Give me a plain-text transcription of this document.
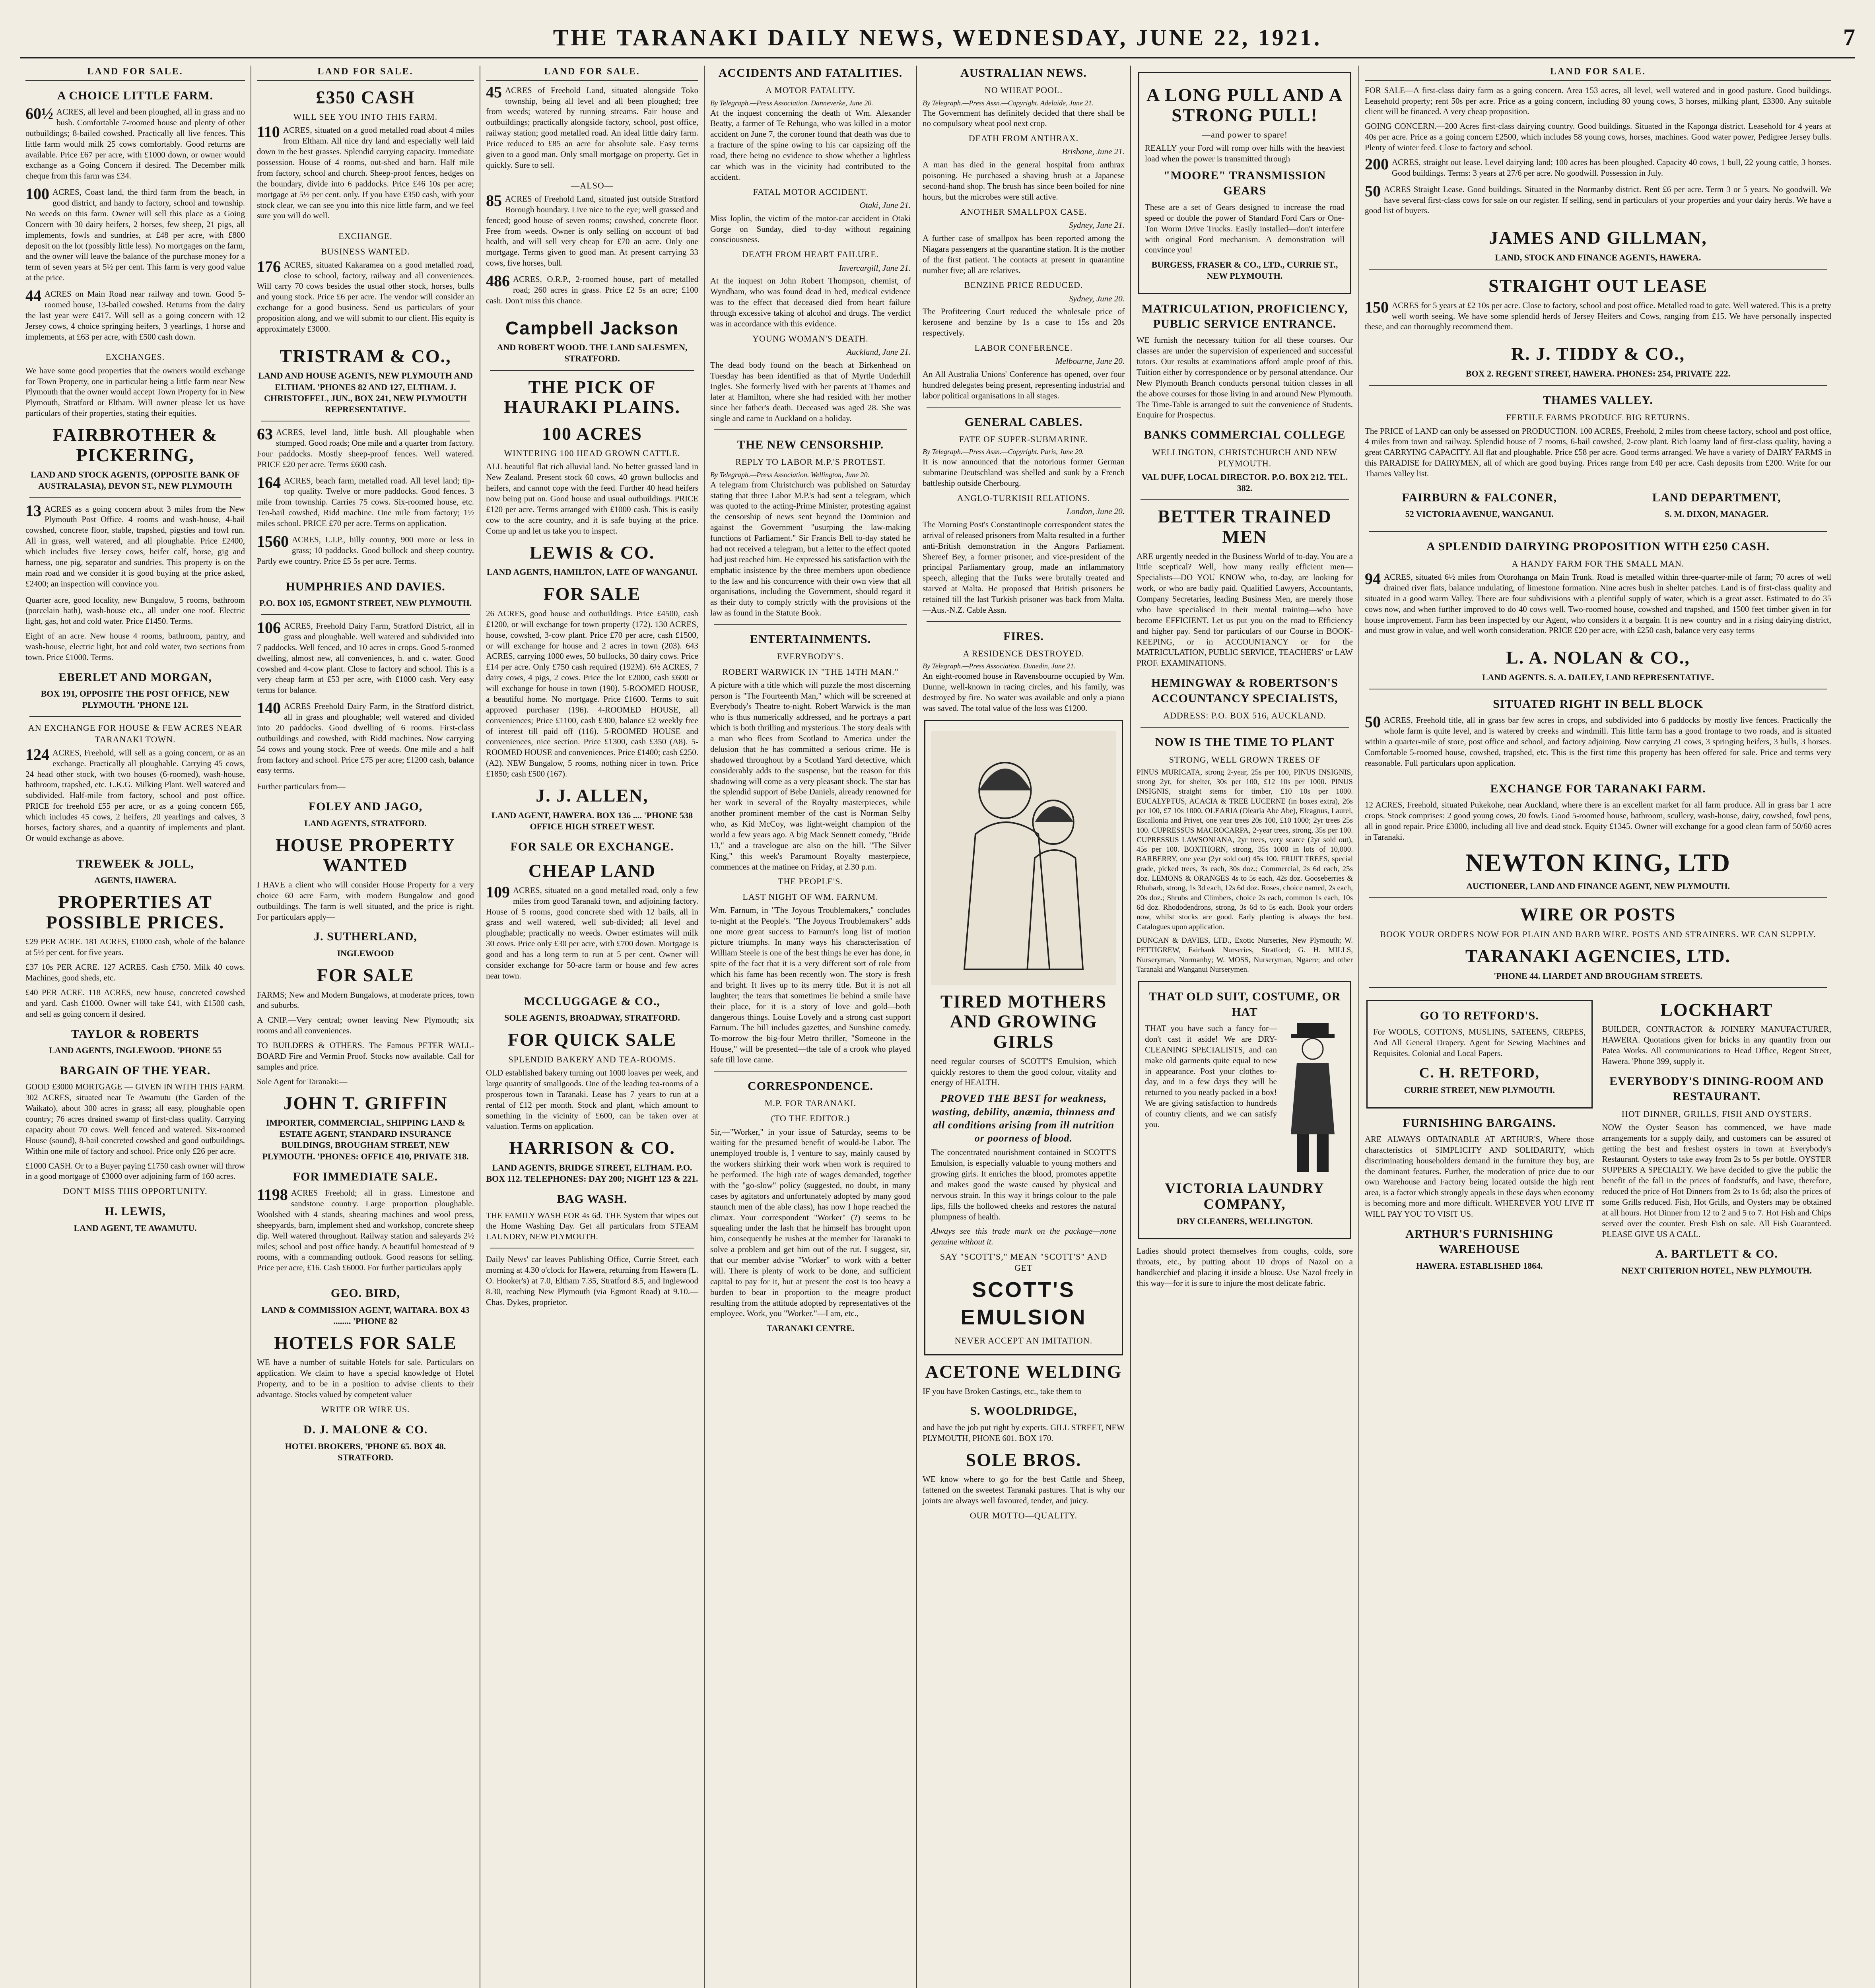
THE TARANAKI DAILY NEWS, WEDNESDAY, JUNE 22, 1921.	7
LAND FOR SALE.
A CHOICE LITTLE FARM.
60½ ACRES, all level and been ploughed, all in grass and no bush. Comfortable 7-roomed house and plenty of other outbuildings; 8-bailed cowshed. Practically all live fences. This little farm would milk 25 cows comfortably. Good returns are available. Price £67 per acre, with £1000 down, or owner would exchange as a Going Concern if desired. The December milk cheque from this farm was £34.

100 ACRES, Coast land, the third farm from the beach, in good district, and handy to factory, school and township. No weeds on this farm. Owner will sell this place as a Going Concern with 30 dairy heifers, 2 horses, few sheep, 21 pigs, all implements, fowls and sundries, at £48 per acre, with £800 deposit on the lot (possibly little less). No mortgages on the farm, and the owner will leave the balance of the purchase money for a term of seven years at 5½ per cent. This farm is very good value at the price.

44 ACRES on Main Road near railway and town. Good 5-roomed house, 13-bailed cowshed. Returns from the dairy the last year were £417. Will sell as a going concern with 12 Jersey cows, 4 choice springing heifers, 3 yearlings, 1 horse and implements, at £63 per acre, with £500 cash down.

EXCHANGES.

We have some good properties that the owners would exchange for Town Property, one in particular being a little farm near New Plymouth that the owner would accept Town Property for in New Plymouth, Stratford or Eltham. Will owner please let us have particulars of their properties, stating their equities.

FAIRBROTHER & PICKERING,
LAND AND STOCK AGENTS, (OPPOSITE BANK OF AUSTRALASIA), DEVON ST., NEW PLYMOUTH
13 ACRES as a going concern about 3 miles from the New Plymouth Post Office. 4 rooms and wash-house, 4-bail cowshed, concrete floor, stable, trapshed, pigsties and fowl run. All in grass, well watered, and all ploughable. Price £2400, which includes five Jersey cows, heifer calf, horse, gig and harness, one pig, separator and sundries. This property is on the main road and we consider it is good buying at the price asked, £2400; an inspection will convince you.

Quarter acre, good locality, new Bungalow, 5 rooms, bathroom (porcelain bath), wash-house etc., all under one roof. Electric light, gas, hot and cold water. Price £1450. Terms.

Eight of an acre. New house 4 rooms, bathroom, pantry, and wash-house, electric light, hot and cold water, two sections from town. Price £1000. Terms.

EBERLET AND MORGAN,
BOX 191, OPPOSITE THE POST OFFICE, NEW PLYMOUTH. 'PHONE 121.
AN EXCHANGE FOR HOUSE & FEW ACRES NEAR TARANAKI TOWN.
124 ACRES, Freehold, will sell as a going concern, or as an exchange. Practically all ploughable. Carrying 45 cows, 24 head other stock, with two houses (6-roomed), wash-house, bathroom, trapshed, etc. L.K.G. Milking Plant. Well watered and subdivided. Half-mile from factory, school and post office. PRICE for freehold £55 per acre, or as a going concern £65, which includes 45 cows, 2 heifers, 20 yearlings and calves, 3 horses, factory shares, and a quantity of implements and plant. Or would exchange as above.

TREWEEK & JOLL,
AGENTS, HAWERA.
PROPERTIES AT POSSIBLE PRICES.

£29 PER ACRE. 181 ACRES, £1000 cash, whole of the balance at 5½ per cent. for five years.

£37 10s PER ACRE. 127 ACRES. Cash £750. Milk 40 cows. Machines, good sheds, etc.

£40 PER ACRE. 118 ACRES, new house, concreted cowshed and yard. Cash £1000. Owner will take £41, with £1500 cash, and sell as going concern if desired.

TAYLOR & ROBERTS
LAND AGENTS, INGLEWOOD. 'PHONE 55
BARGAIN OF THE YEAR.

GOOD £3000 MORTGAGE — GIVEN IN WITH THIS FARM. 302 ACRES, situated near Te Awamutu (the Garden of the Waikato), about 300 acres in grass; all easy, ploughable open country; 76 acres drained swamp of first-class quality. Carrying capacity about 70 cows. Well fenced and watered. Six-roomed House (sound), 8-bail concreted cowshed and good outbuildings. Within one mile of factory and school. Price only £26 per acre.

£1000 CASH. Or to a Buyer paying £1750 cash owner will throw in a good mortgage of £3000 over adjoining farm of 160 acres.

DON'T MISS THIS OPPORTUNITY.
H. LEWIS,
LAND AGENT, TE AWAMUTU.
LAND FOR SALE.
£350 CASH
WILL SEE YOU INTO THIS FARM.
110 ACRES, situated on a good metalled road about 4 miles from Eltham. All nice dry land and especially well laid down in the best grasses. Splendid carrying capacity. Immediate possession. House of 4 rooms, out-shed and barn. Half mile from factory, school and church. Sheep-proof fences, hedges on the boundary, divide into 6 paddocks. Price £46 10s per acre; mortgage at 5½ per cent. only. If you have £350 cash, with your stock clear, we can see you into this nice little farm, and we feel sure you will do well.

EXCHANGE.
BUSINESS WANTED.
176 ACRES, situated Kakaramea on a good metalled road, close to school, factory, railway and all conveniences. Will carry 70 cows besides the usual other stock, horses, bulls and young stock. Price £6 per acre. The vendor will consider an exchange for a good business. Send us particulars of your proposition along, and we will submit to our client. His equity is approximately £3000.

TRISTRAM & CO.,
LAND AND HOUSE AGENTS, NEW PLYMOUTH AND ELTHAM. 'PHONES 82 AND 127, ELTHAM. J. CHRISTOFFEL, JUN., BOX 241, NEW PLYMOUTH REPRESENTATIVE.
63 ACRES, level land, little bush. All ploughable when stumped. Good roads; One mile and a quarter from factory. Four paddocks. Mostly sheep-proof fences. Well watered. PRICE £20 per acre. Terms £600 cash.

164 ACRES, beach farm, metalled road. All level land; tip-top quality. Twelve or more paddocks. Good fences. 3 mile from township. Carries 75 cows. Six-roomed house, etc. Ten-bail cowshed, Ridd machine. One mile from factory; 1½ miles school. PRICE £70 per acre. Terms on application.

1560 ACRES, L.I.P., hilly country, 900 more or less in grass; 10 paddocks. Good bullock and sheep country. Partly ewe country. Price £5 5s per acre. Terms.

HUMPHRIES AND DAVIES.
P.O. BOX 105, EGMONT STREET, NEW PLYMOUTH.
106 ACRES, Freehold Dairy Farm, Stratford District, all in grass and ploughable. Well watered and subdivided into 7 paddocks. Well fenced, and 10 acres in crops. Good 5-roomed dwelling, almost new, all conveniences, h. and c. water. Good cowshed and 4-cow plant. Close to factory and school. This is a very cheap farm at £53 per acre, with £1000 cash. Very easy terms for balance.

140 ACRES Freehold Dairy Farm, in the Stratford district, all in grass and ploughable; well watered and divided into 20 paddocks. Good dwelling of 6 rooms. First-class outbuildings and cowshed, with Ridd machines. Now carrying 54 cows and young stock. Free of weeds. One mile and a half from factory and school. Price £75 per acre; £1200 cash, balance easy terms.

Further particulars from—

FOLEY AND JAGO,
LAND AGENTS, STRATFORD.
HOUSE PROPERTY WANTED

I HAVE a client who will consider House Property for a very choice 60 acre Farm, with modern Bungalow and good outbuildings. The farm is well situated, and the price is right. For particulars apply—

J. SUTHERLAND,
INGLEWOOD
FOR SALE

FARMS; New and Modern Bungalows, at moderate prices, town and suburbs.

A CNIP.—Very central; owner leaving New Plymouth; six rooms and all conveniences.

TO BUILDERS & OTHERS. The Famous PETER WALL-BOARD Fire and Vermin Proof. Stocks now available. Call for samples and price.

Sole Agent for Taranaki:—

JOHN T. GRIFFIN
IMPORTER, COMMERCIAL, SHIPPING LAND & ESTATE AGENT, STANDARD INSURANCE BUILDINGS, BROUGHAM STREET, NEW PLYMOUTH. 'PHONES: OFFICE 410, PRIVATE 318.
FOR IMMEDIATE SALE.
1198 ACRES Freehold; all in grass. Limestone and sandstone country. Large proportion ploughable. Woolshed with 4 stands, shearing machines and wool press, sheepyards, barn, implement shed and workshop, concrete sheep dip. Well watered throughout. Railway station and saleyards 2½ miles; school and post office handy. A beautiful homestead of 9 rooms, with a commanding outlook. Good reasons for selling. Price per acre, £16. Cash £6000. For further particulars apply

GEO. BIRD,
LAND & COMMISSION AGENT, WAITARA. BOX 43 ........ 'PHONE 82
HOTELS FOR SALE

WE have a number of suitable Hotels for sale. Particulars on application. We claim to have a special knowledge of Hotel Property, and to be in a position to advise clients to their advantage. Stocks valued by competent valuer

WRITE OR WIRE US.
D. J. MALONE & CO.
HOTEL BROKERS, 'PHONE 65. BOX 48. STRATFORD.
LAND FOR SALE.
45 ACRES of Freehold Land, situated alongside Toko township, being all level and all been ploughed; free from weeds; watered by running streams. Fair house and outbuildings; practically alongside factory, school, post office, railway station; good metalled road. An ideal little dairy farm. Price reduced to £85 an acre for absolute sale. Easy terms given to a good man. Only small mortgage on property. Get in quickly. Sure to sell.

—ALSO—
85 ACRES of Freehold Land, situated just outside Stratford Borough boundary. Live nice to the eye; well grassed and fenced; good house of seven rooms; cowshed, concrete floor. Free from weeds. Owner is only selling on account of bad health, and will sell very cheap for £70 an acre. Only one mortgage. Terms given to good man. At present carrying 33 cows, five horses, bull.

486 ACRES, O.R.P., 2-roomed house, part of metalled road; 260 acres in grass. Price £2 5s an acre; £100 cash. Don't miss this chance.

Campbell Jackson
AND ROBERT WOOD. THE LAND SALESMEN, STRATFORD.
THE PICK OF HAURAKI PLAINS.
100 ACRES
WINTERING 100 HEAD GROWN CATTLE.

ALL beautiful flat rich alluvial land. No better grassed land in New Zealand. Present stock 60 cows, 40 grown bullocks and heifers, and cannot cope with the feed. Further 40 head heifers now being put on. Good house and usual outbuildings. PRICE £120 per acre. Terms arranged with £1000 cash. This is easily cow to the acre country, and it is safe buying at the price. Come up and let us take you to inspect.

LEWIS & CO.
LAND AGENTS, HAMILTON, LATE OF WANGANUI.
FOR SALE

26 ACRES, good house and outbuildings. Price £4500, cash £1200, or will exchange for town property (172). 130 ACRES, house, cowshed, 3-cow plant. Price £70 per acre, cash £1500, or will exchange for house and 2 acres in town (203). 643 ACRES, carrying 1000 ewes, 50 bullocks, 30 dairy cows. Price £14 per acre. Only £750 cash required (192M). 6½ ACRES, 7 dairy cows, 4 pigs, 2 cows. Price the lot £2000, cash £600 or will exchange for house in town (190). 5-ROOMED HOUSE, a beautiful home. No mortgage. Price £1600. Terms to suit approved purchaser (196). 4-ROOMED HOUSE, all conveniences; Price £1100, cash £300, balance £2 weekly free of interest till paid off (116). 5-ROOMED HOUSE and conveniences, nice section. Price £1300, cash £350 (A8). 5-ROOMED HOUSE and conveniences. Price £1400; cash £250. (A2). NEW Bungalow, 5 rooms, nothing nicer in town. Price £1850; cash £500 (167).

J. J. ALLEN,
LAND AGENT, HAWERA. BOX 136 .... 'PHONE 538 OFFICE HIGH STREET WEST.
FOR SALE OR EXCHANGE.
CHEAP LAND
109 ACRES, situated on a good metalled road, only a few miles from good Taranaki town, and adjoining factory. House of 5 rooms, good concrete shed with 12 bails, all in grass and well watered, well sub-divided; all level and ploughable; practically no weeds. Owner estimates will milk 30 cows. Price only £30 per acre, with £700 down. Mortgage is good and has a long term to run at 5 per cent. Owner will consider exchange for 50-acre farm or house and few acres near town.

MCCLUGGAGE & CO.,
SOLE AGENTS, BROADWAY, STRATFORD.
FOR QUICK SALE
SPLENDID BAKERY AND TEA-ROOMS.

OLD established bakery turning out 1000 loaves per week, and large quantity of smallgoods. One of the leading tea-rooms of a prosperous town in Taranaki. Lease has 7 years to run at a rental of £12 per month. Stock and plant, which amount to something in the vicinity of £600, can be taken over at valuation. Terms on application.

HARRISON & CO.
LAND AGENTS, BRIDGE STREET, ELTHAM. P.O. BOX 112. TELEPHONES: DAY 200; NIGHT 123 & 221.
BAG WASH.

THE FAMILY WASH FOR 4s 6d. THE System that wipes out the Home Washing Day. Get all particulars from STEAM LAUNDRY, NEW PLYMOUTH.

Daily News' car leaves Publishing Office, Currie Street, each morning at 4.30 o'clock for Hawera, returning from Hawera (L. O. Hooker's) at 7.0, Eltham 7.35, Stratford 8.5, and Inglewood 8.30, reaching New Plymouth (via Egmont Road) at 9.10.—Chas. Dykes, proprietor.

ACCIDENTS AND FATALITIES.
A MOTOR FATALITY.
By Telegraph.—Press Association. Danneverke, June 20.

At the inquest concerning the death of Wm. Alexander Beatty, a farmer of Te Rehunga, who was killed in a motor accident on June 7, the coroner found that death was due to a fracture of the spine owing to his car capsizing off the road, there being no evidence to show whether a lightless car which was in the vicinity had contributed to the accident.

FATAL MOTOR ACCIDENT.
Otaki, June 21.

Miss Joplin, the victim of the motor-car accident in Otaki Gorge on Sunday, died to-day without regaining consciousness.

DEATH FROM HEART FAILURE.
Invercargill, June 21.

At the inquest on John Robert Thompson, chemist, of Wyndham, who was found dead in bed, medical evidence was to the effect that deceased died from heart failure through excessive taking of alcohol and drugs. The verdict was in accordance with this evidence.

YOUNG WOMAN'S DEATH.
Auckland, June 21.

The dead body found on the beach at Birkenhead on Tuesday has been identified as that of Myrtle Underhill Ingles. She formerly lived with her parents at Thames and later at Hamilton, where she had resided with her mother since her father's death. Deceased was aged 28. She was single and came to Auckland on a holiday.

THE NEW CENSORSHIP.
REPLY TO LABOR M.P.'S PROTEST.
By Telegraph.—Press Association. Wellington, June 20.

A telegram from Christchurch was published on Saturday stating that three Labor M.P.'s had sent a telegram, which was quoted to the acting-Prime Minister, protesting against the censorship of news sent beyond the Dominion and against the Government "usurping the law-making functions of Parliament." Sir Francis Bell to-day stated he had not received a telegram, but a letter to the effect quoted had just reached him. He expressed his satisfaction with the emphatic insistence by the three members upon obedience to the law and his concurrence with their own view that all organisations, including the Government, should regard it as their duty to comply strictly with the provisions of the law as found in the Statute Book.

ENTERTAINMENTS.
EVERYBODY'S.
ROBERT WARWICK IN "THE 14TH MAN."

A picture with a title which will puzzle the most discerning person is "The Fourteenth Man," which will be screened at Everybody's Theatre to-night. Robert Warwick is the man who is thus numerically addressed, and he portrays a part which is both thrilling and mysterious. The story deals with a man who flees from Scotland to America under the delusion that he has committed a serious crime. He is shadowed throughout by a Scotland Yard detective, which considerably adds to the suspense, but the reason for this shadowing will come as a very pleasant shock. The star has the splendid support of Bebe Daniels, already renowned for her work in several of the Royalty masterpieces, while another prominent member of the cast is Norman Selby who, as Kid McCoy, was light-weight champion of the world a few years ago. A big Mack Sennett comedy, "Bride 13," and a travelogue are also on the bill. "The Silver King," this week's Paramount Royalty masterpiece, commences at the matinee on Friday, at 2.30 p.m.

THE PEOPLE'S.
LAST NIGHT OF WM. FARNUM.

Wm. Farnum, in "The Joyous Troublemakers," concludes to-night at the People's. "The Joyous Troublemakers" adds one more great success to Farnum's long list of motion picture triumphs. In many ways his characterisation of William Steele is one of the best things he ever has done, in spite of the fact that it is a very different sort of role from which his fame has been recently won. The story is fresh and bright. It lives up to its merry title. But it is not all laughter; the tears that sometimes lie behind a smile have their place, for it is a story of love and gold—both dangerous things. Louise Lovely and a strong cast support Farnum. The bill includes gazettes, and Sunshine comedy. To-morrow the big-four Metro thriller, "Someone in the House," will be presented—the tale of a crook who played safe till love came.

CORRESPONDENCE.
M.P. FOR TARANAKI.
(TO THE EDITOR.)

Sir,—"Worker," in your issue of Saturday, seems to be waiting for the presumed benefit of would-be Labor. The unemployed trouble is, I venture to say, mainly caused by the workers shirking their work when work is required to be performed. The high rate of wages demanded, together with the "go-slow" policy (suggested, no doubt, in many cases by agitators and unfortunately adopted by many good staunch men of the able class), has now I hope reached the climax. Your correspondent "Worker" (?) seems to be squealing under the lash that he himself has brought upon him, consequently he rushes at the member for Taranaki to solve a problem and get him out of the rut. I suggest, sir, that our member advise "Worker" to work with a better will. There is plenty of work to be done, and sufficient capital to pay for it, but at present the cost is too heavy a burden to bear in proportion to the meagre product resulting from the attitude adopted by representatives of the employee. Work, you "Worker."—I am, etc.,

TARANAKI CENTRE.
AUSTRALIAN NEWS.
NO WHEAT POOL.
By Telegraph.—Press Assn.—Copyright. Adelaide, June 21.

The Government has definitely decided that there shall be no compulsory wheat pool next crop.

DEATH FROM ANTHRAX.
Brisbane, June 21.

A man has died in the general hospital from anthrax poisoning. He purchased a shaving brush at a Japanese second-hand shop. The brush has since been boiled for nine hours, but the microbes were still active.

ANOTHER SMALLPOX CASE.
Sydney, June 21.

A further case of smallpox has been reported among the Niagara passengers at the quarantine station. It is the mother of the first patient. The contacts at present in quarantine number five; all are relatives.

BENZINE PRICE REDUCED.
Sydney, June 20.

The Profiteering Court reduced the wholesale price of kerosene and benzine by 1s a case to 15s and 20s respectively.

LABOR CONFERENCE.
Melbourne, June 20.

An All Australia Unions' Conference has opened, over four hundred delegates being present, representing industrial and labor political organisations in all stages.

GENERAL CABLES.
FATE OF SUPER-SUBMARINE.
By Telegraph.—Press Assn.—Copyright. Paris, June 20.

It is now announced that the notorious former German submarine Deutschland was shelled and sunk by a French battleship outside Cherbourg.

ANGLO-TURKISH RELATIONS.
London, June 20.

The Morning Post's Constantinople correspondent states the arrival of released prisoners from Malta resulted in a further anti-British demonstration in the Angora Parliament. Shereef Bey, a former prisoner, and vice-president of the principal Parliamentary group, made an inflammatory speech, alleging that the Turks were brutally treated and starved at Malta. He proposed that British prisoners be retained till the last Turkish prisoner was back from Malta.—Aus.-N.Z. Cable Assn.

FIRES.
A RESIDENCE DESTROYED.
By Telegraph.—Press Association. Dunedin, June 21.

An eight-roomed house in Ravensbourne occupied by Wm. Dunne, well-known in racing circles, and his family, was destroyed by fire. No water was available and only a piano was saved. The total value of the loss was £1200.

TIRED MOTHERS AND GROWING GIRLS

need regular courses of SCOTT'S Emulsion, which quickly restores to them the good colour, vitality and energy of HEALTH.

PROVED THE BEST for weakness, wasting, debility, anæmia, thinness and all conditions arising from ill nutrition or poorness of blood.

The concentrated nourishment contained in SCOTT'S Emulsion, is especially valuable to young mothers and growing girls. It enriches the blood, promotes appetite and makes good the waste caused by physical and nervous strain. In this way it brings colour to the pale lips, fills the hollowed cheeks and restores the natural plumpness of health.

Always see this trade mark on the package—none genuine without it.

SAY "SCOTT'S," MEAN "SCOTT'S" AND GET
SCOTT'S EMULSION
NEVER ACCEPT AN IMITATION.
ACETONE WELDING

IF you have Broken Castings, etc., take them to

S. WOOLDRIDGE,

and have the job put right by experts. GILL STREET, NEW PLYMOUTH, PHONE 601. BOX 170.

SOLE BROS.

WE know where to go for the best Cattle and Sheep, fattened on the sweetest Taranaki pastures. That is why our joints are always well favoured, tender, and juicy.

OUR MOTTO—QUALITY.
A LONG PULL AND A STRONG PULL!
—and power to spare!

REALLY your Ford will romp over hills with the heaviest load when the power is transmitted through

"MOORE" TRANSMISSION GEARS

These are a set of Gears designed to increase the road speed or double the power of Standard Ford Cars or One-Ton Worm Drive Trucks. Easily installed—don't interfere with original Ford mechanism. A demonstration will convince you!

BURGESS, FRASER & CO., LTD., CURRIE ST., NEW PLYMOUTH.
MATRICULATION, PROFICIENCY, PUBLIC SERVICE ENTRANCE.

WE furnish the necessary tuition for all these courses. Our classes are under the supervision of experienced and successful tutors. Our results at examinations afford ample proof of this. Tuition either by correspondence or by personal attendance. Our New Plymouth Branch conducts personal tuition classes in all the above courses for those living in and around New Plymouth. The Time-Table is arranged to suit the convenience of Students. Enquire for Prospectus.

BANKS COMMERCIAL COLLEGE
WELLINGTON, CHRISTCHURCH AND NEW PLYMOUTH.
VAL DUFF, LOCAL DIRECTOR. P.O. BOX 212. TEL. 382.
BETTER TRAINED MEN

ARE urgently needed in the Business World of to-day. You are a little sceptical? Well, how many really efficient men—Specialists—DO YOU KNOW who, to-day, are looking for work, or who are badly paid. Qualified Lawyers, Accountants, Company Secretaries, leading Business Men, are merely those who have specialised in their mental training—who have become EFFICIENT. Let us put you on the road to Efficiency and higher pay. Send for particulars of our Course in BOOK-KEEPING, or in ACCOUNTANCY or for the MATRICULATION, PUBLIC SERVICE, TEACHERS' or LAW PROF. EXAMINATIONS.

HEMINGWAY & ROBERTSON'S ACCOUNTANCY SPECIALISTS,
ADDRESS: P.O. BOX 516, AUCKLAND.
NOW IS THE TIME TO PLANT
STRONG, WELL GROWN TREES OF

PINUS MURICATA, strong 2-year, 25s per 100, PINUS INSIGNIS, strong 2yr, for shelter, 30s per 100, £12 10s per 1000. PINUS INSIGNIS, straight stems for timber, £10 10s per 1000. EUCALYPTUS, ACACIA & TREE LUCERNE (in boxes extra), 26s per 100, £7 10s 1000. OLEARIA (Olearia Abe Abe), Eleagnus, Laurel, Escallonia and Privet, one year trees 20s 100, £10 1000; 2yr trees 25s 100. CUPRESSUS MACROCARPA, 2-year trees, strong, 35s per 100. CUPRESSUS LAWSONIANA, 2yr trees, very scarce (2yr sold out), 45s per 100. BOXTHORN, strong, 35s 1000 in lots of 10,000. BARBERRY, one year (2yr sold out) 45s 100. FRUIT TREES, special grade, picked trees, 3s each, 30s doz.; Commercial, 2s 6d each, 25s doz. LEMONS & ORANGES 4s to 5s each, 42s doz. Gooseberries & Rhubarb, strong, 1s 3d each, 12s 6d doz. Roses, choice named, 2s each, 20s doz.; Shrubs and Climbers, choice 2s each, common 1s each, 10s 6d doz. Rhododendrons, strong, 3s 6d to 5s each. Book your orders now, whilst stocks are good. Early planting is always the best. Catalogues upon application.

DUNCAN & DAVIES, LTD., Exotic Nurseries, New Plymouth; W. PETTIGREW, Fairbank Nurseries, Stratford; G. H. MILLS, Nurseryman, Normanby; W. MOSS, Nurseryman, Ngaere; and other Taranaki and Wanganui Nurserymen.

THAT OLD SUIT, COSTUME, OR HAT

THAT you have such a fancy for—don't cast it aside! We are DRY-CLEANING SPECIALISTS, and can make old garments quite equal to new in appearance. Post your clothes to-day, and in a few days they will be returned to you neatly packed in a box! We are giving satisfaction to hundreds of country clients, and we can satisfy you.

VICTORIA LAUNDRY COMPANY,
DRY CLEANERS, WELLINGTON.

Ladies should protect themselves from coughs, colds, sore throats, etc., by putting about 10 drops of Nazol on a handkerchief and placing it inside a blouse. Use Nazol freely in this way—for it is sure to injure the most delicate fabric.

LAND FOR SALE.

FOR SALE—A first-class dairy farm as a going concern. Area 153 acres, all level, well watered and in good pasture. Good buildings. Leasehold property; rent 50s per acre. Price as a going concern, including 80 young cows, 3 horses, milking plant, £3300. Any suitable client will be financed. A very cheap proposition.

GOING CONCERN.—200 Acres first-class dairying country. Good buildings. Situated in the Kaponga district. Leasehold for 4 years at 40s per acre. Price as a going concern £2500, which includes 58 young cows, horses, machines. Good water power, Pedigree Jersey bulls. Plenty of winter feed. Close to factory and school.

200 ACRES, straight out lease. Level dairying land; 100 acres has been ploughed. Capacity 40 cows, 1 bull, 22 young cattle, 3 horses. Good buildings. Terms: 3 years at 27/6 per acre. No goodwill. Possession in July.

50 ACRES Straight Lease. Good buildings. Situated in the Normanby district. Rent £6 per acre. Term 3 or 5 years. No goodwill. We have several first-class cows for sale on our register. If selling, send in particulars of your properties and your dairy herds. We have a good list of buyers.

JAMES AND GILLMAN,
LAND, STOCK AND FINANCE AGENTS, HAWERA.
STRAIGHT OUT LEASE
150 ACRES for 5 years at £2 10s per acre. Close to factory, school and post office. Metalled road to gate. Well watered. This is a pretty well worth seeing. We have some splendid herds of Jersey Heifers and Cows, ranging from £15. We have personally inspected these, and can thoroughly recommend them.

R. J. TIDDY & CO.,
BOX 2. REGENT STREET, HAWERA. PHONES: 254, PRIVATE 222.
THAMES VALLEY.
FERTILE FARMS PRODUCE BIG RETURNS.

The PRICE of LAND can only be assessed on PRODUCTION. 100 ACRES, Freehold, 2 miles from cheese factory, school and post office, 4 miles from town and railway. Splendid house of 7 rooms, 6-bail cowshed, 2-cow plant. Rich loamy land of first-class quality, having a great CARRYING CAPACITY. All flat and ploughable. Price £58 per acre. Good terms arranged. We have a variety of DAIRY FARMS in this PARADISE for DAIRYMEN, all of which are good buying. Prices range from £40 per acre. Cash deposits from £200. Write for our Thames Valley list.

FAIRBURN & FALCONER,
52 VICTORIA AVENUE, WANGANUI.
LAND DEPARTMENT,
S. M. DIXON, MANAGER.
A SPLENDID DAIRYING PROPOSITION WITH £250 CASH.
A HANDY FARM FOR THE SMALL MAN.
94 ACRES, situated 6½ miles from Otorohanga on Main Trunk. Road is metalled within three-quarter-mile of farm; 70 acres of well drained river flats, balance undulating, of limestone formation. Nine acres bush in shelter patches. Land is of first-class quality and situated in a good warm Valley. There are four subdivisions with a plentiful supply of water, which is a great asset. Estimated to do 35 cows now, and when further improved to do 40 cows well. Two-roomed house, cowshed and trapshed, and 1500 feet timber given in for house improvement. Farm has been inspected by our Agent, who considers it a bargain. It is new country and in a rising dairying district, and must grow in value, and well worth consideration. PRICE £20 per acre, with £250 cash, balance very easy terms

L. A. NOLAN & CO.,
LAND AGENTS. S. A. DAILEY, LAND REPRESENTATIVE.
SITUATED RIGHT IN BELL BLOCK
50 ACRES, Freehold title, all in grass bar few acres in crops, and subdivided into 6 paddocks by mostly live fences. Practically the whole farm is quite level, and is watered by creeks and windmill. This little farm has a good frontage to two roads, and is situated within a quarter-mile of store, post office and school, and factory adjoining. Now carrying 21 cows, 3 springing heifers, 3 bulls, 3 horses. Comfortable 5-roomed house, cowshed, trapshed, etc. This is the first time this property has been offered for sale. Price and terms very reasonable. Full particulars upon application.

EXCHANGE FOR TARANAKI FARM.

12 ACRES, Freehold, situated Pukekohe, near Auckland, where there is an excellent market for all farm produce. All in grass bar 1 acre crops. Stock comprises: 2 good young cows, 20 fowls. Good 5-roomed house, bathroom, scullery, wash-house, dairy, cowshed, fowl pens, all in good repair. Price £3000, including all live and dead stock. Equity £1345. Owner will exchange for a good clean farm of 50/60 acres in Taranaki.

NEWTON KING, LTD
AUCTIONEER, LAND AND FINANCE AGENT, NEW PLYMOUTH.
WIRE OR POSTS
BOOK YOUR ORDERS NOW FOR PLAIN AND BARB WIRE. POSTS AND STRAINERS. WE CAN SUPPLY.
TARANAKI AGENCIES, LTD.
'PHONE 44. LIARDET AND BROUGHAM STREETS.
GO TO RETFORD'S.

For WOOLS, COTTONS, MUSLINS, SATEENS, CREPES, And All General Drapery. Agent for Sewing Machines and Requisites. Colonial and Local Papers.

C. H. RETFORD,
CURRIE STREET, NEW PLYMOUTH.
FURNISHING BARGAINS.

ARE ALWAYS OBTAINABLE AT ARTHUR'S, Where those characteristics of SIMPLICITY AND SOLIDARITY, which discriminating householders demand in the furniture they buy, are the dominant features. Further, the moderation of price due to our own Warehouse and Factory being located outside the high rent area, is a factor which strongly appeals in these days when economy is becoming more and more difficult. WHEREVER YOU LIVE IT WILL PAY YOU TO VISIT US.

ARTHUR'S FURNISHING WAREHOUSE
HAWERA. ESTABLISHED 1864.
LOCKHART

BUILDER, CONTRACTOR & JOINERY MANUFACTURER, HAWERA. Quotations given for bricks in any quantity from our Patea Works. All communications to Head Office, Regent Street, Hawera. 'Phone 399, supply it.

EVERYBODY'S DINING-ROOM AND RESTAURANT.
HOT DINNER, GRILLS, FISH AND OYSTERS.

NOW the Oyster Season has commenced, we have made arrangements for a supply daily, and customers can be assured of getting the best and freshest oysters in town at Everybody's Restaurant. Oysters to take away from 2s to 5s per bottle. OYSTER SUPPERS A SPECIALTY. We have decided to give the public the benefit of the fall in the prices of foodstuffs, and have, therefore, reduced the price of Hot Dinners from 2s to 1s 6d; also the prices of some Grills reduced. Fish, Hot Grills, and Oysters may be obtained at all hours. Hot Dinner from 12 to 2 and 5 to 7. Hot Fish and Chips served over the counter. Fresh Fish on sale. All Fish Guaranteed. PLEASE GIVE US A CALL.

A. BARTLETT & CO.
NEXT CRITERION HOTEL, NEW PLYMOUTH.
